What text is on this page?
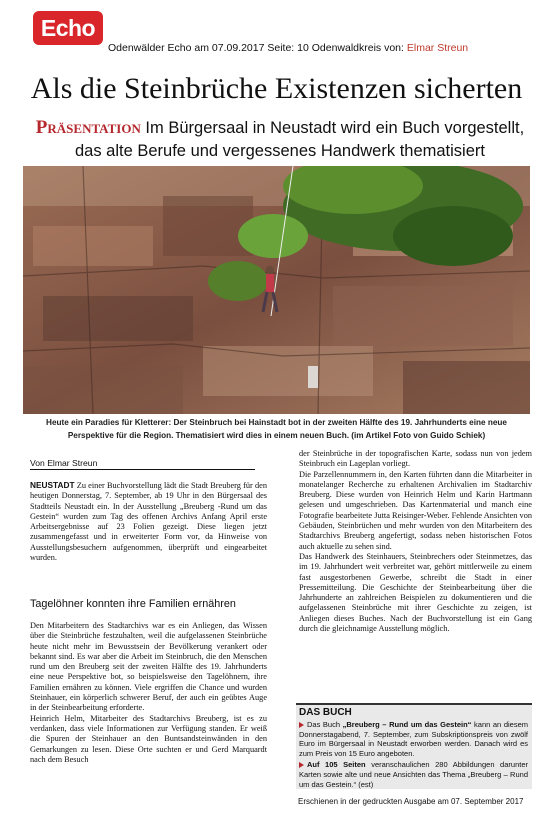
Echo
Odenwälder Echo am 07.09.2017 Seite: 10 Odenwaldkreis von: Elmar Streun
Als die Steinbrüche Existenzen sicherten
Präsentation Im Bürgersaal in Neustadt wird ein Buch vorgestellt, das alte Berufe und vergessenes Handwerk thematisiert
Heute ein Paradies für Kletterer: Der Steinbruch bei Hainstadt bot in der zweiten Hälfte des 19. Jahrhunderts eine neue Perspektive für die Region. Thematisiert wird dies in einem neuen Buch. (im Artikel Foto von Guido Schiek)
Von Elmar Streun

NEUSTADT Zu einer Buchvorstellung lädt die Stadt Breuberg für den heutigen Donnerstag, 7. September, ab 19 Uhr in den Bürgersaal des Stadtteils Neustadt ein. In der Ausstellung „Breuberg -Rund um das Gestein“ wurden zum Tag des offenen Archivs Anfang April erste Arbeitsergebnisse auf 23 Folien gezeigt. Diese liegen jetzt zusammengefasst und in erweiterter Form vor, da Hinweise von Ausstellungsbesuchern aufgenommen, überprüft und eingearbeitet wurden.

Tagelöhner konnten ihre Familien ernähren

Den Mitarbeitern des Stadtarchivs war es ein Anliegen, das Wissen über die Steinbrüche festzuhalten, weil die aufgelassenen Steinbrüche heute nicht mehr im Bewusstsein der Bevölkerung verankert oder bekannt sind. Es war aber die Arbeit im Steinbruch, die den Menschen rund um den Breuberg seit der zweiten Hälfte des 19. Jahrhunderts eine neue Perspektive bot, so beispielsweise den Tagelöhnern, ihre Familien ernähren zu können. Viele ergriffen die Chance und wurden Steinhauer, ein körperlich schwerer Beruf, der auch ein geübtes Auge in der Steinbearbeitung erforderte.

Heinrich Helm, Mitarbeiter des Stadtarchivs Breuberg, ist es zu verdanken, dass viele Informationen zur Verfügung standen. Er weiß die Spuren der Steinhauer an den Buntsandsteinwänden in den Gemarkungen zu lesen. Diese Orte suchten er und Gerd Marquardt nach dem Besuch

der Steinbrüche in der topografischen Karte, sodass nun von jedem Steinbruch ein Lageplan vorliegt.

Die Parzellennummern in, den Karten führten dann die Mitarbeiter in monatelanger Recherche zu erhaltenen Archivalien im Stadtarchiv Breuberg. Diese wurden von Heinrich Helm und Karin Hartmann gelesen und umgeschrieben. Das Kartenmaterial und manch eine Fotografie bearbeitete Jutta Reisinger-Weber. Fehlende Ansichten von Gebäuden, Steinbrüchen und mehr wurden von den Mitarbeitern des Stadtarchivs Breuberg angefertigt, sodass neben historischen Fotos auch aktuelle zu sehen sind.

Das Handwerk des Steinhauers, Steinbrechers oder Steinmetzes, das im 19. Jahrhundert weit verbreitet war, gehört mittlerweile zu einem fast ausgestorbenen Gewerbe, schreibt die Stadt in einer Pressemitteilung. Die Geschichte der Steinbearbeitung über die Jahrhunderte an zahlreichen Beispielen zu dokumentieren und die aufgelassenen Steinbrüche mit ihrer Geschichte zu zeigen, ist Anliegen dieses Buches. Nach der Buchvorstellung ist ein Gang durch die gleichnamige Ausstellung möglich.

DAS BUCH
Das Buch „Breuberg – Rund um das Gestein“ kann an diesem Donnerstagabend, 7. September, zum Subskriptionspreis von zwölf Euro im Bürgersaal in Neustadt erworben werden. Danach wird es zum Preis von 15 Euro angeboten.
Auf 105 Seiten veranschaulichen 280 Abbildungen darunter Karten sowie alte und neue Ansichten das Thema „Breuberg – Rund um das Gestein.“ (est)
Erschienen in der gedruckten Ausgabe am 07. September 2017
